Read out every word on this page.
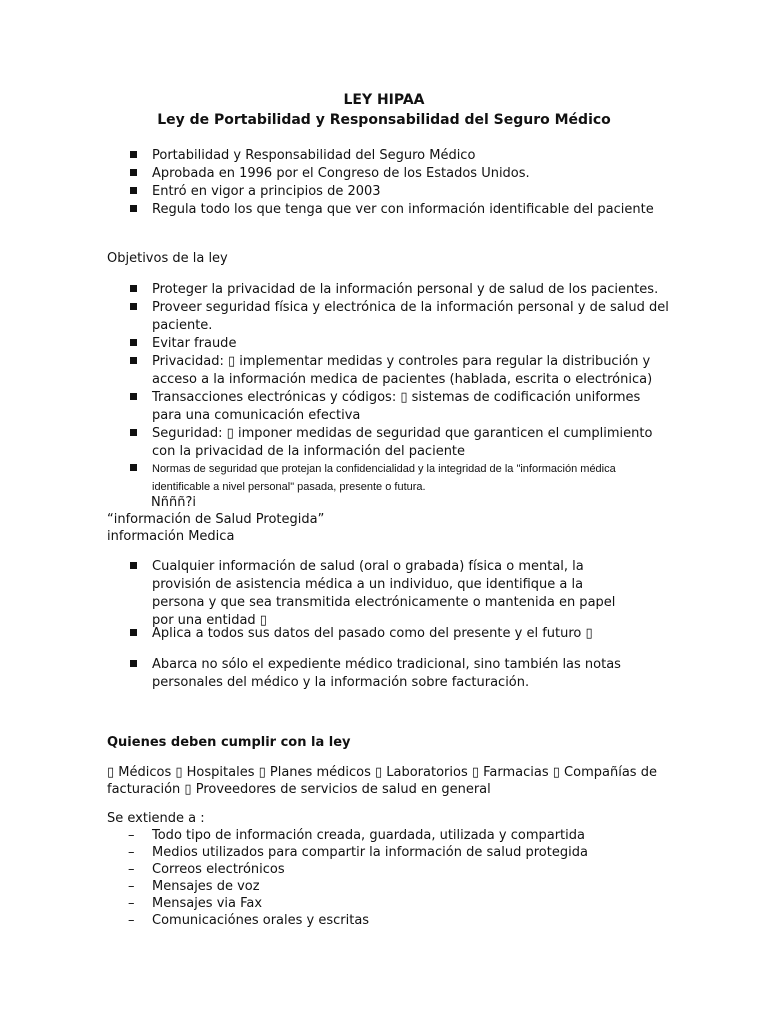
LEY HIPAA
Ley de Portabilidad y Responsabilidad del Seguro Médico
Portabilidad y Responsabilidad del Seguro Médico
Aprobada en 1996 por el Congreso de los Estados Unidos.
Entró en vigor a principios de 2003
Regula todo los que tenga que ver con información identificable del paciente

Objetivos de la ley

Proteger la privacidad de la información personal y de salud de los pacientes.
Proveer seguridad física y electrónica de la información personal y de salud del paciente.
Evitar fraude
Privacidad: ▯ implementar medidas y controles para regular la distribución y acceso a la información medica de pacientes (hablada, escrita o electrónica)
Transacciones electrónicas y códigos: ▯ sistemas de codificación uniformes para una comunicación efectiva
Seguridad: ▯ imponer medidas de seguridad que garanticen el cumplimiento con la privacidad de la información del paciente
Normas de seguridad que protejan la confidencialidad y la integridad de la "información médica identificable a nivel personal" pasada, presente o futura.

Nñññ?i

“información de Salud Protegida”

información Medica

Cualquier información de salud (oral o grabada) física o mental, la provisión de asistencia médica a un individuo, que identifique a la persona y que sea transmitida electrónicamente o mantenida en papel por una entidad ▯
Aplica a todos sus datos del pasado como del presente y el futuro ▯
Abarca no sólo el expediente médico tradicional, sino también las notas personales del médico y la información sobre facturación.

Quienes deben cumplir con la ley

▯ Médicos ▯ Hospitales ▯ Planes médicos ▯ Laboratorios ▯ Farmacias ▯ Compañías de

facturación ▯ Proveedores de servicios de salud en general

Se extiende a :

– Todo tipo de información creada, guardada, utilizada y compartida
– Medios utilizados para compartir la información de salud protegida
– Correos electrónicos
– Mensajes de voz
– Mensajes via Fax
– Comunicaciónes orales y escritas
